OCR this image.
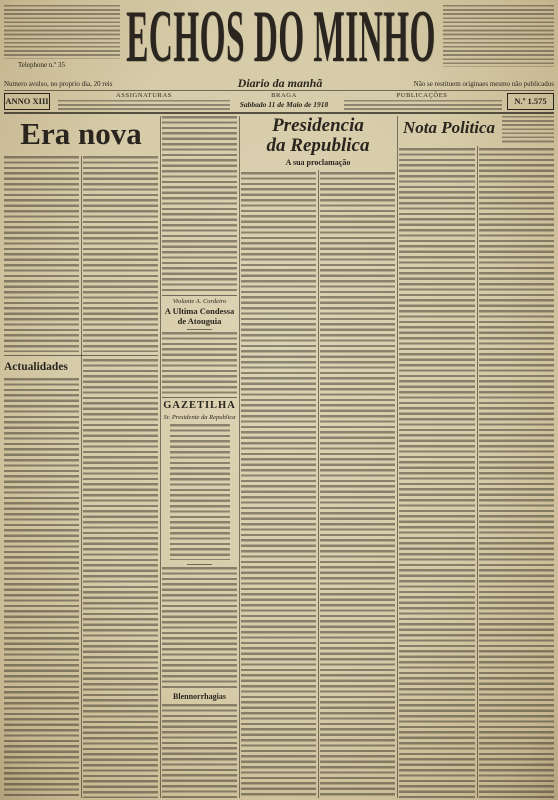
Telephone n.º 35 ECHOS DO MINHO
Numero avulso, no proprio dia, 20 reis	Diario da manhã	Não se restituem originaes mesmo não publicados
ANNO XIII
ASSIGNATURAS	BRAGA
Sabbado 11 de Maio de 1918
PUBLICAÇÕES
N.º 1.575
Era nova
Actualidades
Violante A. Cordeiro
A Ultima Condessa de Atouguia
GAZETILHA
Sr. Presidente da Republica
Blennorrhagias
Presidencia
da Republica
A sua proclamação
Nota Politica
